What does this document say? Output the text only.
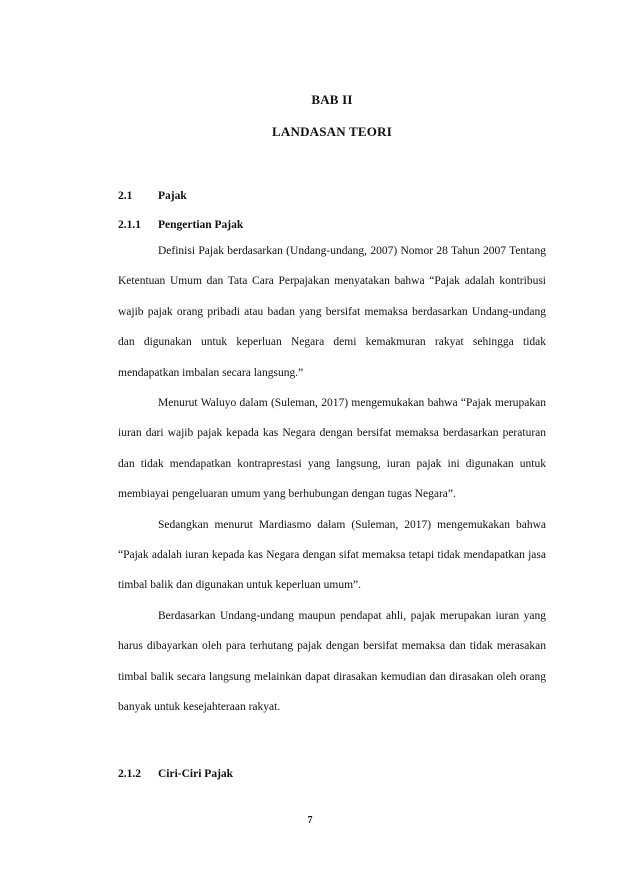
BAB II
LANDASAN TEORI
2.1 Pajak
2.1.1 Pengertian Pajak

Definisi Pajak berdasarkan (Undang-undang, 2007) Nomor 28 Tahun 2007 Tentang Ketentuan Umum dan Tata Cara Perpajakan menyatakan bahwa “Pajak adalah kontribusi wajib pajak orang pribadi atau badan yang bersifat memaksa berdasarkan Undang-undang dan digunakan untuk keperluan Negara demi kemakmuran rakyat sehingga tidak mendapatkan imbalan secara langsung.”

Menurut Waluyo dalam (Suleman, 2017) mengemukakan bahwa “Pajak merupakan iuran dari wajib pajak kepada kas Negara dengan bersifat memaksa berdasarkan peraturan dan tidak mendapatkan kontraprestasi yang langsung, iuran pajak ini digunakan untuk membiayai pengeluaran umum yang berhubungan dengan tugas Negara”.

Sedangkan menurut Mardiasmo dalam (Suleman, 2017) mengemukakan bahwa “Pajak adalah iuran kepada kas Negara dengan sifat memaksa tetapi tidak mendapatkan jasa timbal balik dan digunakan untuk keperluan umum”.

Berdasarkan Undang-undang maupun pendapat ahli, pajak merupakan iuran yang harus dibayarkan oleh para terhutang pajak dengan bersifat memaksa dan tidak merasakan timbal balik secara langsung melainkan dapat dirasakan kemudian dan dirasakan oleh orang banyak untuk kesejahteraan rakyat.

2.1.2 Ciri-Ciri Pajak
7
